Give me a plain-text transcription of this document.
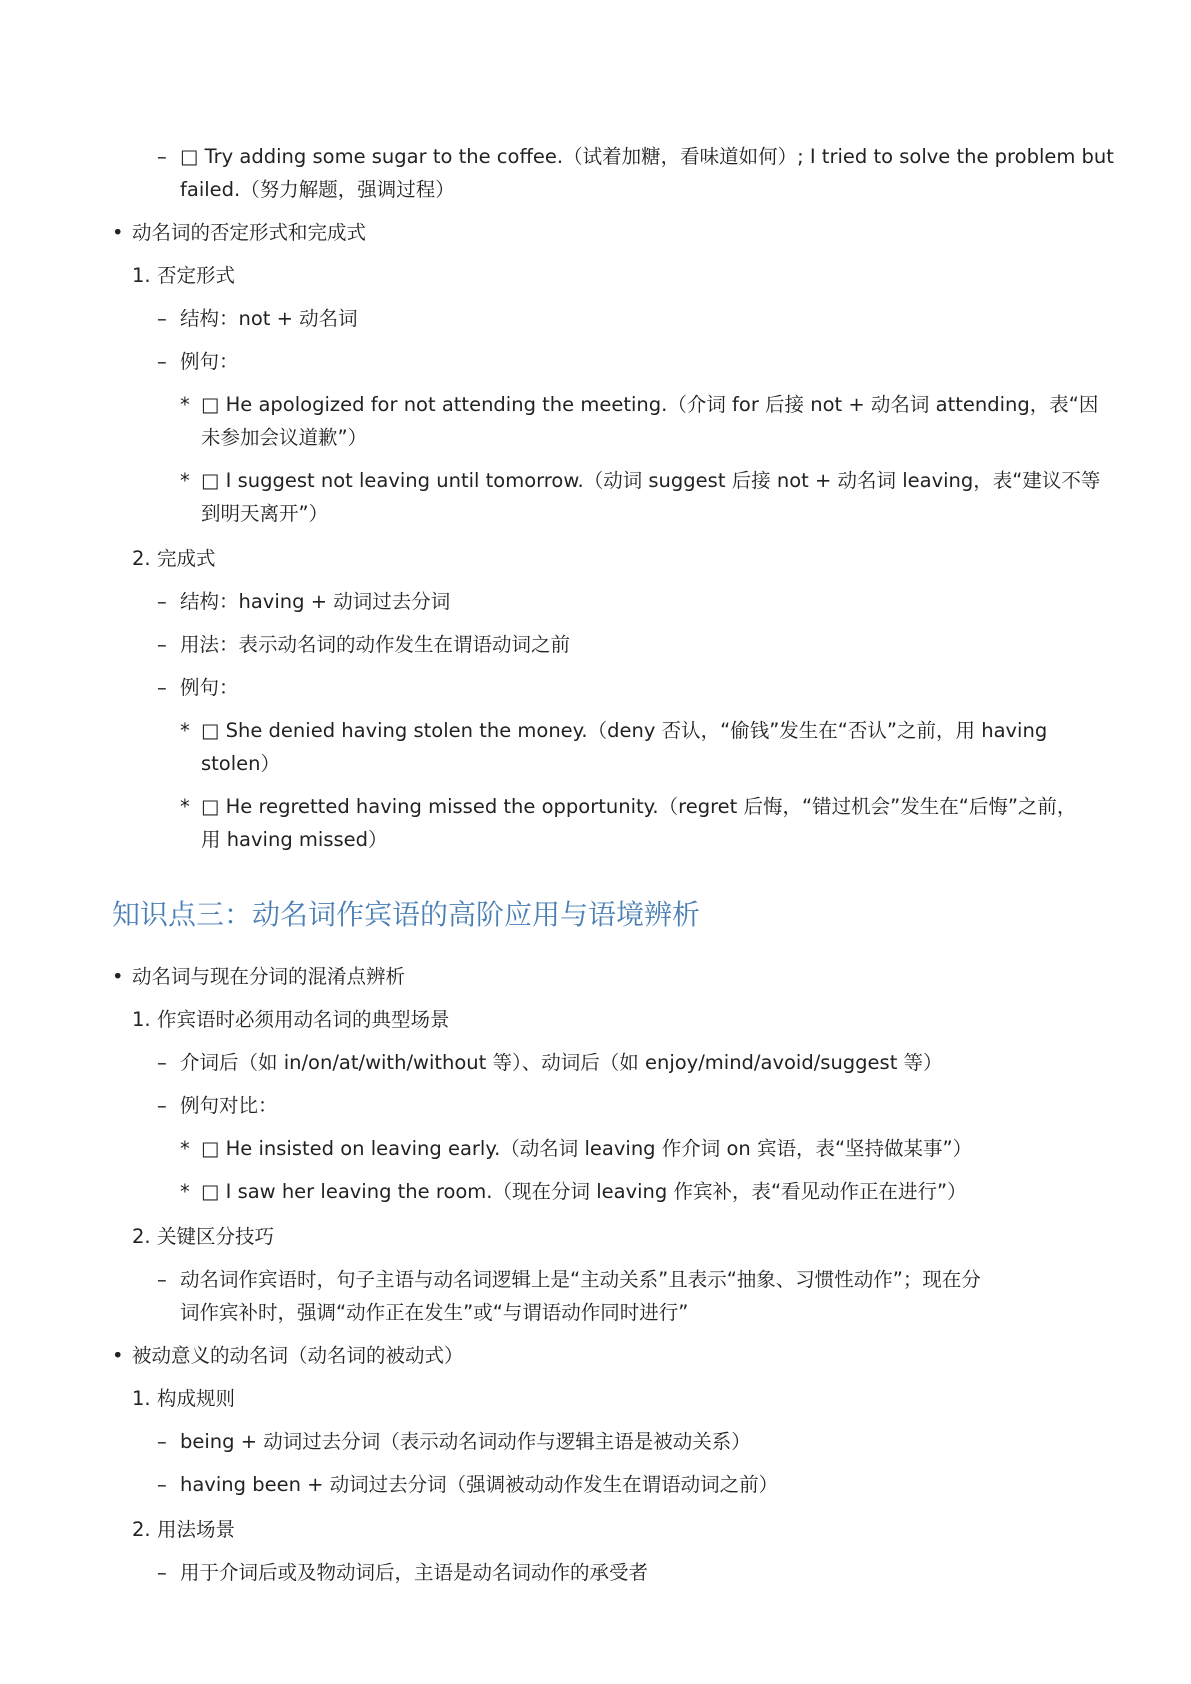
知识点三：动名词作宾语的高阶应用与语境辨析
– □ Try adding some sugar to the coffee.（试着加糖，看味道如何）; I tried to solve the problem but
failed.（努力解题，强调过程）
• 动名词的否定形式和完成式
1. 否定形式
– 结构：not + 动名词
– 例句：
* □ He apologized for not attending the meeting.（介词 for 后接 not + 动名词 attending，表“因
未参加会议道歉”）
* □ I suggest not leaving until tomorrow.（动词 suggest 后接 not + 动名词 leaving，表“建议不等
到明天离开”）
2. 完成式
– 结构：having + 动词过去分词
– 用法：表示动名词的动作发生在谓语动词之前
– 例句：
* □ She denied having stolen the money.（deny 否认，“偷钱”发生在“否认”之前，用 having
stolen）
* □ He regretted having missed the opportunity.（regret 后悔，“错过机会”发生在“后悔”之前，
用 having missed）
• 动名词与现在分词的混淆点辨析
1. 作宾语时必须用动名词的典型场景
– 介词后（如 in/on/at/with/without 等）、动词后（如 enjoy/mind/avoid/suggest 等）
– 例句对比：
* □ He insisted on leaving early.（动名词 leaving 作介词 on 宾语，表“坚持做某事”）
* □ I saw her leaving the room.（现在分词 leaving 作宾补，表“看见动作正在进行”）
2. 关键区分技巧
– 动名词作宾语时，句子主语与动名词逻辑上是“主动关系”且表示“抽象、习惯性动作”；现在分
词作宾补时，强调“动作正在发生”或“与谓语动作同时进行”
• 被动意义的动名词（动名词的被动式）
1. 构成规则
– being + 动词过去分词（表示动名词动作与逻辑主语是被动关系）
– having been + 动词过去分词（强调被动动作发生在谓语动词之前）
2. 用法场景
– 用于介词后或及物动词后，主语是动名词动作的承受者
